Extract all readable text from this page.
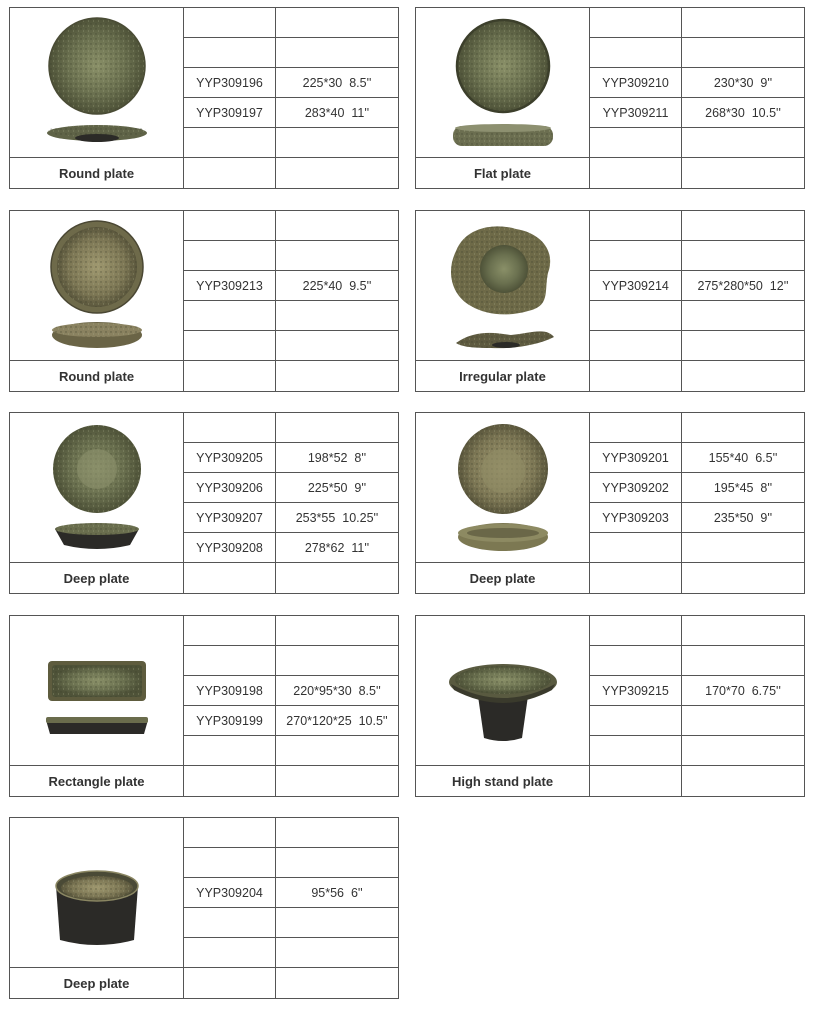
Round plate
YYP309196	225*30  8.5''
YYP309197	283*40  11''
Flat plate
YYP309210	230*30  9''
YYP309211	268*30  10.5''
Round plate
YYP309213	225*40  9.5''
Irregular plate
YYP309214	275*280*50  12''
Deep plate
YYP309205	198*52  8''
YYP309206	225*50  9''
YYP309207	253*55  10.25''
YYP309208	278*62  11''
Deep plate
YYP309201	155*40  6.5''
YYP309202	195*45  8''
YYP309203	235*50  9''
Rectangle plate
YYP309198	220*95*30  8.5''
YYP309199	270*120*25  10.5''
High stand plate
YYP309215	170*70  6.75''
Deep plate
YYP309204	95*56  6''
